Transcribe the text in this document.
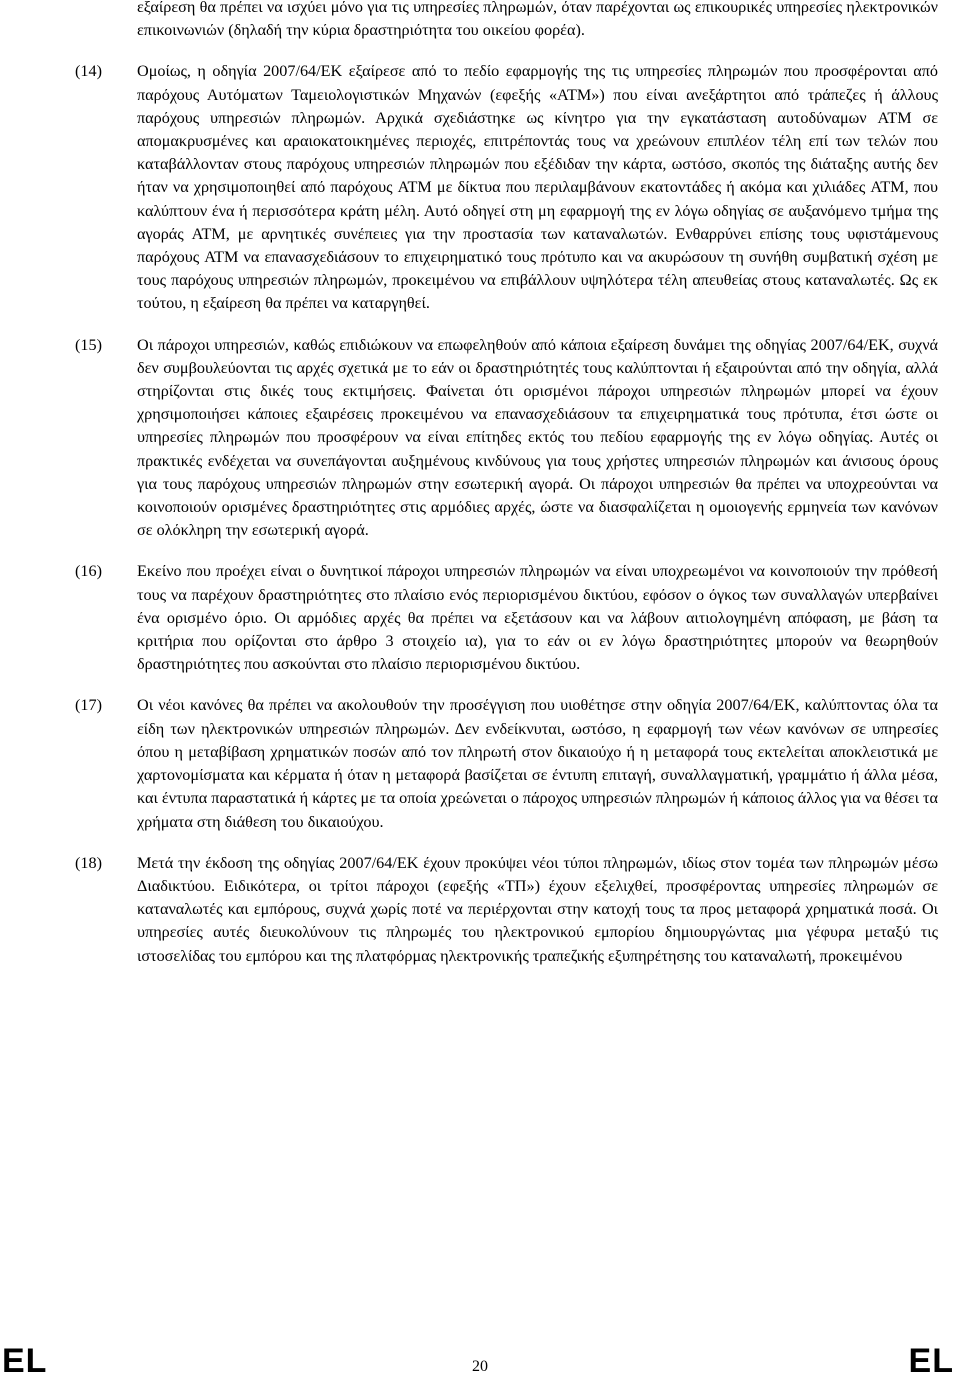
εξαίρεση θα πρέπει να ισχύει μόνο για τις υπηρεσίες πληρωμών, όταν παρέχονται ως επικουρικές υπηρεσίες ηλεκτρονικών επικοινωνιών (δηλαδή την κύρια δραστηριότητα του οικείου φορέα).

(14) Ομοίως, η οδηγία 2007/64/ΕΚ εξαίρεσε από το πεδίο εφαρμογής της τις υπηρεσίες πληρωμών που προσφέρονται από παρόχους Αυτόματων Ταμειολογιστικών Μηχανών (εφεξής «ATM») που είναι ανεξάρτητοι από τράπεζες ή άλλους παρόχους υπηρεσιών πληρωμών. Αρχικά σχεδιάστηκε ως κίνητρο για την εγκατάσταση αυτοδύναμων ATM σε απομακρυσμένες και αραιοκατοικημένες περιοχές, επιτρέποντάς τους να χρεώνουν επιπλέον τέλη επί των τελών που καταβάλλονταν στους παρόχους υπηρεσιών πληρωμών που εξέδιδαν την κάρτα, ωστόσο, σκοπός της διάταξης αυτής δεν ήταν να χρησιμοποιηθεί από παρόχους ATM με δίκτυα που περιλαμβάνουν εκατοντάδες ή ακόμα και χιλιάδες ATM, που καλύπτουν ένα ή περισσότερα κράτη μέλη. Αυτό οδηγεί στη μη εφαρμογή της εν λόγω οδηγίας σε αυξανόμενο τμήμα της αγοράς ATM, με αρνητικές συνέπειες για την προστασία των καταναλωτών. Ενθαρρύνει επίσης τους υφιστάμενους παρόχους ATM να επανασχεδιάσουν το επιχειρηματικό τους πρότυπο και να ακυρώσουν τη συνήθη συμβατική σχέση με τους παρόχους υπηρεσιών πληρωμών, προκειμένου να επιβάλλουν υψηλότερα τέλη απευθείας στους καταναλωτές. Ως εκ τούτου, η εξαίρεση θα πρέπει να καταργηθεί.

(15) Οι πάροχοι υπηρεσιών, καθώς επιδιώκουν να επωφεληθούν από κάποια εξαίρεση δυνάμει της οδηγίας 2007/64/ΕΚ, συχνά δεν συμβουλεύονται τις αρχές σχετικά με το εάν οι δραστηριότητές τους καλύπτονται ή εξαιρούνται από την οδηγία, αλλά στηρίζονται στις δικές τους εκτιμήσεις. Φαίνεται ότι ορισμένοι πάροχοι υπηρεσιών πληρωμών μπορεί να έχουν χρησιμοποιήσει κάποιες εξαιρέσεις προκειμένου να επανασχεδιάσουν τα επιχειρηματικά τους πρότυπα, έτσι ώστε οι υπηρεσίες πληρωμών που προσφέρουν να είναι επίτηδες εκτός του πεδίου εφαρμογής της εν λόγω οδηγίας. Αυτές οι πρακτικές ενδέχεται να συνεπάγονται αυξημένους κινδύνους για τους χρήστες υπηρεσιών πληρωμών και άνισους όρους για τους παρόχους υπηρεσιών πληρωμών στην εσωτερική αγορά. Οι πάροχοι υπηρεσιών θα πρέπει να υποχρεούνται να κοινοποιούν ορισμένες δραστηριότητες στις αρμόδιες αρχές, ώστε να διασφαλίζεται η ομοιογενής ερμηνεία των κανόνων σε ολόκληρη την εσωτερική αγορά.

(16) Εκείνο που προέχει είναι ο δυνητικοί πάροχοι υπηρεσιών πληρωμών να είναι υποχρεωμένοι να κοινοποιούν την πρόθεσή τους να παρέχουν δραστηριότητες στο πλαίσιο ενός περιορισμένου δικτύου, εφόσον ο όγκος των συναλλαγών υπερβαίνει ένα ορισμένο όριο. Οι αρμόδιες αρχές θα πρέπει να εξετάσουν και να λάβουν αιτιολογημένη απόφαση, με βάση τα κριτήρια που ορίζονται στο άρθρο 3 στοιχείο ια), για το εάν οι εν λόγω δραστηριότητες μπορούν να θεωρηθούν δραστηριότητες που ασκούνται στο πλαίσιο περιορισμένου δικτύου.

(17) Οι νέοι κανόνες θα πρέπει να ακολουθούν την προσέγγιση που υιοθέτησε στην οδηγία 2007/64/ΕΚ, καλύπτοντας όλα τα είδη των ηλεκτρονικών υπηρεσιών πληρωμών. Δεν ενδείκνυται, ωστόσο, η εφαρμογή των νέων κανόνων σε υπηρεσίες όπου η μεταβίβαση χρηματικών ποσών από τον πληρωτή στον δικαιούχο ή η μεταφορά τους εκτελείται αποκλειστικά με χαρτονομίσματα και κέρματα ή όταν η μεταφορά βασίζεται σε έντυπη επιταγή, συναλλαγματική, γραμμάτιο ή άλλα μέσα, και έντυπα παραστατικά ή κάρτες με τα οποία χρεώνεται ο πάροχος υπηρεσιών πληρωμών ή κάποιος άλλος για να θέσει τα χρήματα στη διάθεση του δικαιούχου.

(18) Μετά την έκδοση της οδηγίας 2007/64/ΕΚ έχουν προκύψει νέοι τύποι πληρωμών, ιδίως στον τομέα των πληρωμών μέσω Διαδικτύου. Ειδικότερα, οι τρίτοι πάροχοι (εφεξής «ΤΠ») έχουν εξελιχθεί, προσφέροντας υπηρεσίες πληρωμών σε καταναλωτές και εμπόρους, συχνά χωρίς ποτέ να περιέρχονται στην κατοχή τους τα προς μεταφορά χρηματικά ποσά. Οι υπηρεσίες αυτές διευκολύνουν τις πληρωμές του ηλεκτρονικού εμπορίου δημιουργώντας μια γέφυρα μεταξύ τις ιστοσελίδας του εμπόρου και της πλατφόρμας ηλεκτρονικής τραπεζικής εξυπηρέτησης του καταναλωτή, προκειμένου

EL	20	EL
